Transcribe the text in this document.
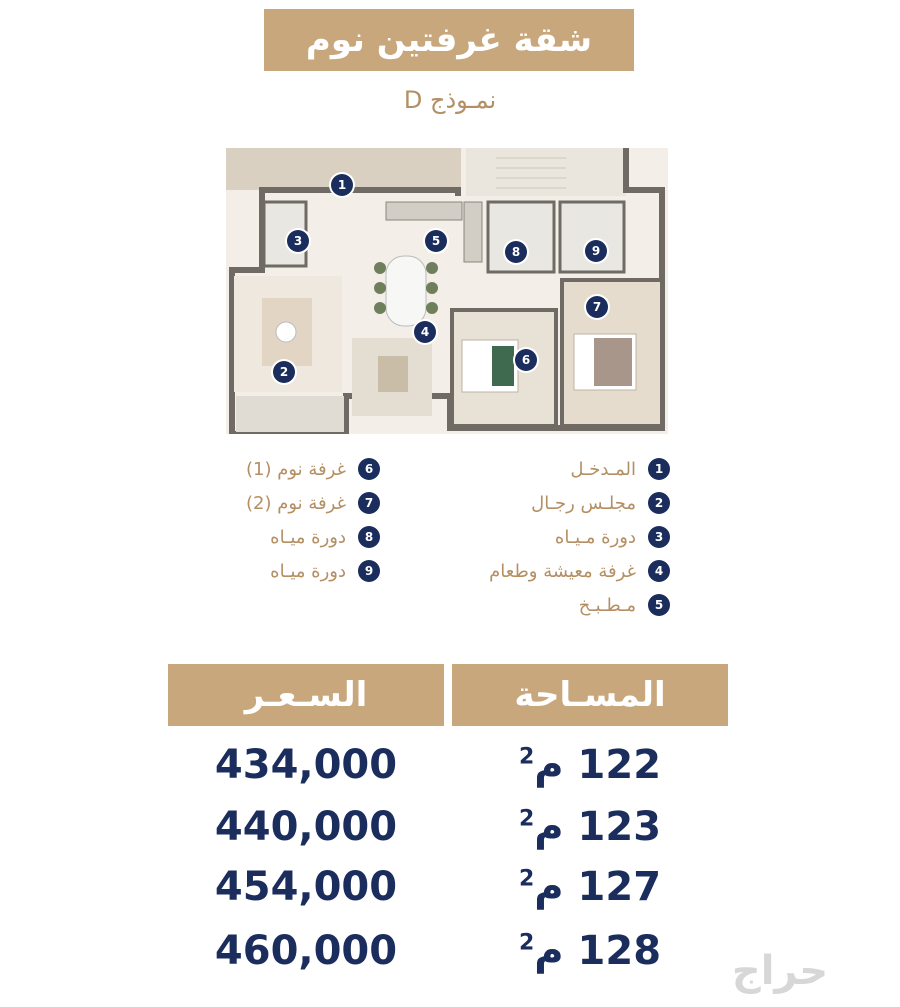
شقة غرفتين نوم
نمـوذج D
1
2
3
4
5
6
7
8	9
1
المـدخـل
2
مجلـس رجـال
3
دورة مـيـاه
4
غرفة معيشة وطعام
5
مـطـبـخ
6
غرفة نوم (1)
7
غرفة نوم (2)
8
دورة ميـاه
9
دورة ميـاه
السـعـر	المسـاحة
434,000	122 م$^2$
440,000	123 م$^2$
454,000	127 م$^2$
460,000	128 م$^2$
حراج
